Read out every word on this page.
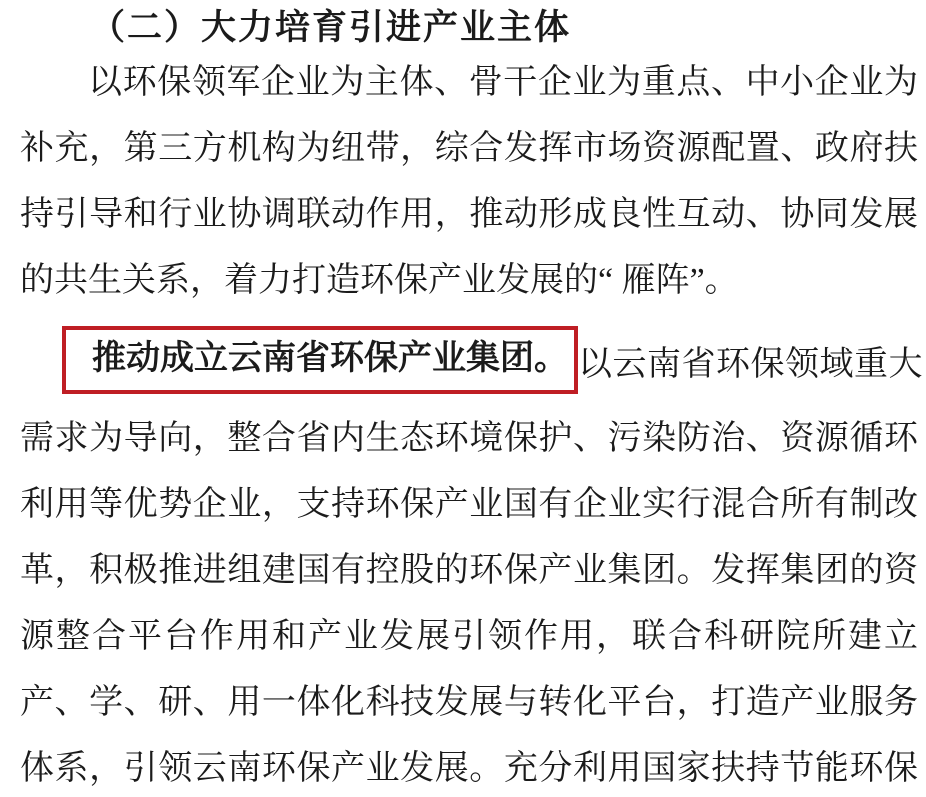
（二）大力培育引进产业主体
以环保领军企业为主体、骨干企业为重点、中小企业为
补充，第三方机构为纽带，综合发挥市场资源配置、政府扶
持引导和行业协调联动作用，推动形成良性互动、协同发展
的共生关系，着力打造环保产业发展的“ 雁阵”。
推动成立云南省环保产业集团。 以云南省环保领域重大
需求为导向，整合省内生态环境保护、污染防治、资源循环
利用等优势企业，支持环保产业国有企业实行混合所有制改
革，积极推进组建国有控股的环保产业集团。发挥集团的资
源整合平台作用和产业发展引领作用，联合科研院所建立
产、学、研、用一体化科技发展与转化平台，打造产业服务
体系，引领云南环保产业发展。充分利用国家扶持节能环保
